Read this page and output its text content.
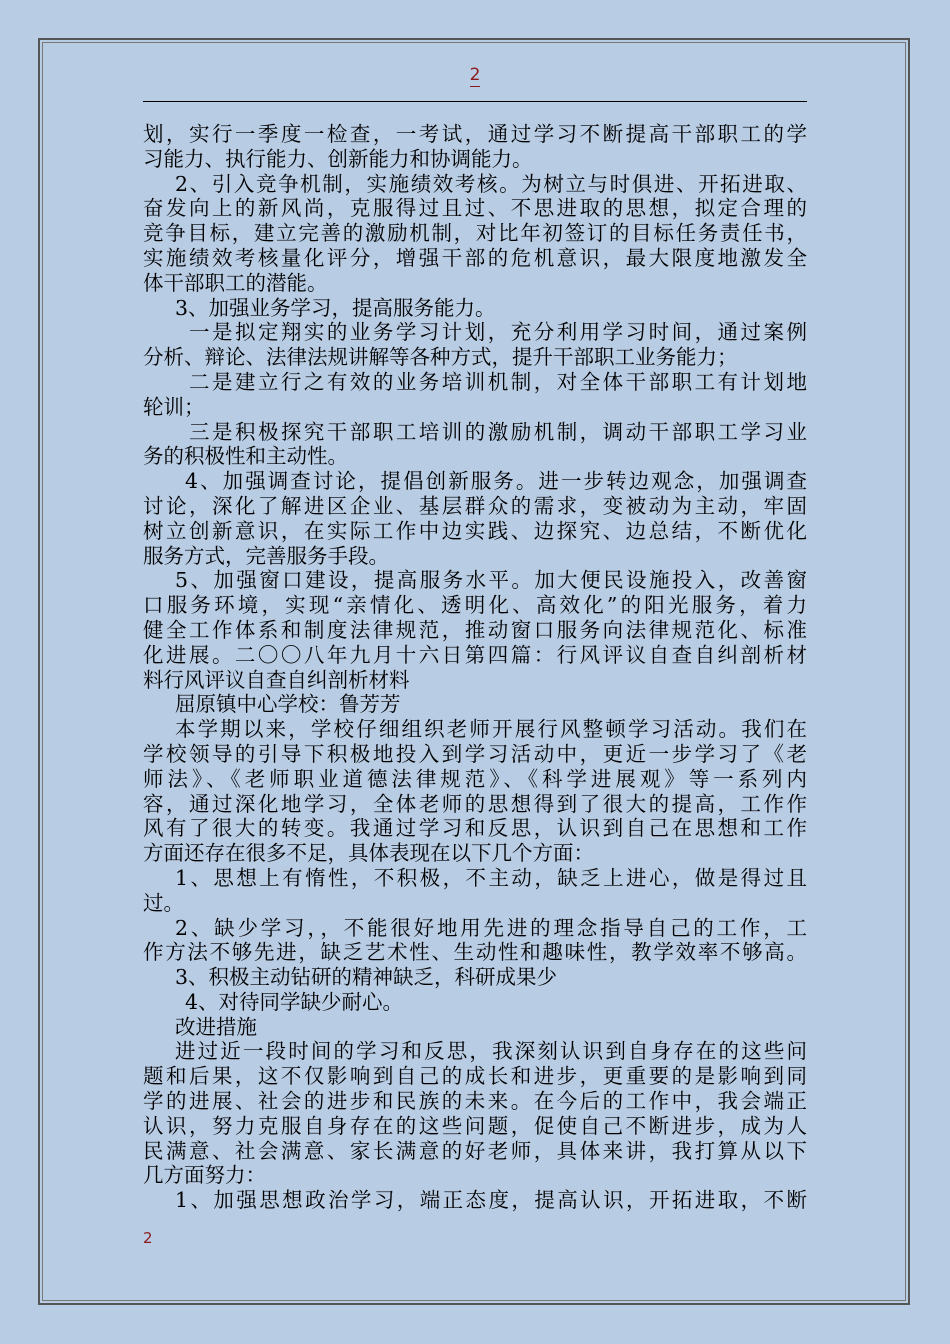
2
划，实行一季度一检查，一考试，通过学习不断提高干部职工的学
习能力、执行能力、创新能力和协调能力。
2、引入竞争机制，实施绩效考核。为树立与时俱进、开拓进取、
奋发向上的新风尚，克服得过且过、不思进取的思想，拟定合理的
竞争目标，建立完善的激励机制，对比年初签订的目标任务责任书，
实施绩效考核量化评分，增强干部的危机意识，最大限度地激发全
体干部职工的潜能。
3、加强业务学习，提高服务能力。
一是拟定翔实的业务学习计划，充分利用学习时间，通过案例
分析、辩论、法律法规讲解等各种方式，提升干部职工业务能力；
二是建立行之有效的业务培训机制，对全体干部职工有计划地
轮训；
三是积极探究干部职工培训的激励机制，调动干部职工学习业
务的积极性和主动性。
4、加强调查讨论，提倡创新服务。进一步转边观念，加强调查
讨论，深化了解进区企业、基层群众的需求，变被动为主动，牢固
树立创新意识，在实际工作中边实践、边探究、边总结，不断优化
服务方式，完善服务手段。
5、加强窗口建设，提高服务水平。加大便民设施投入，改善窗
口服务环境，实现“亲情化、透明化、高效化”的阳光服务，着力
健全工作体系和制度法律规范，推动窗口服务向法律规范化、标准
化进展。二〇〇八年九月十六日第四篇：行风评议自查自纠剖析材
料行风评议自查自纠剖析材料
屈原镇中心学校：鲁芳芳
本学期以来，学校仔细组织老师开展行风整顿学习活动。我们在
学校领导的引导下积极地投入到学习活动中，更近一步学习了《老
师法》、《老师职业道德法律规范》、《科学进展观》等一系列内
容，通过深化地学习，全体老师的思想得到了很大的提高，工作作
风有了很大的转变。我通过学习和反思，认识到自己在思想和工作
方面还存在很多不足，具体表现在以下几个方面：
1、思想上有惰性，不积极，不主动，缺乏上进心，做是得过且
过。
2、缺少学习，，不能很好地用先进的理念指导自己的工作，工
作方法不够先进，缺乏艺术性、生动性和趣味性，教学效率不够高。
3、积极主动钻研的精神缺乏，科研成果少
4、对待同学缺少耐心。
改进措施
进过近一段时间的学习和反思，我深刻认识到自身存在的这些问
题和后果，这不仅影响到自己的成长和进步，更重要的是影响到同
学的进展、社会的进步和民族的未来。在今后的工作中，我会端正
认识，努力克服自身存在的这些问题，促使自己不断进步，成为人
民满意、社会满意、家长满意的好老师，具体来讲，我打算从以下
几方面努力：
1、加强思想政治学习，端正态度，提高认识，开拓进取，不断
2
